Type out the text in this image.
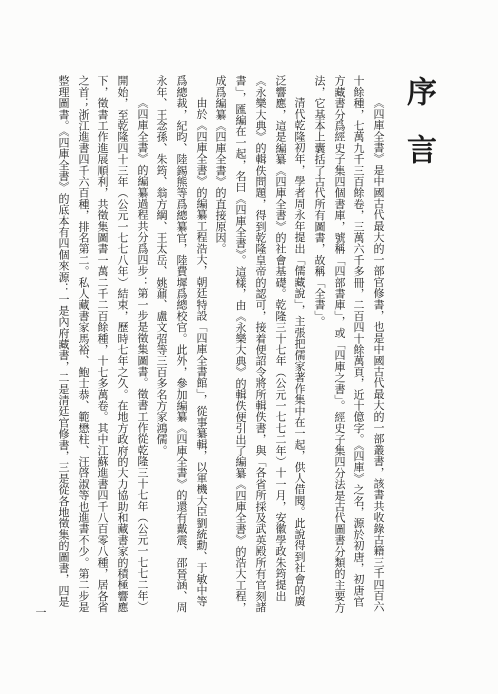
序言
《四庫全書》是中國古代最大的一部官修書，也是中國古代最大的一部叢書，該書共收錄古籍三千四百六
十餘種，七萬九千三百餘卷，三萬六千多冊，二百四十餘萬頁，近十億字。《四庫》之名，源於初唐，初唐官
方藏書分爲經史子集四個書庫，號稱「四部書庫」，或「四庫之書」。經史子集四分法是古代圖書分類的主要方
法，它基本上囊括了古代所有圖書，故稱「全書」。
清代乾隆初年，學者周永年提出「儒藏說」，主張把儒家著作集中在一起，供人借閱。此說得到社會的廣
泛響應，這是編纂《四庫全書》的社會基礎。乾隆三十七年（公元一七七二年）十一月，安徽學政朱筠提出
《永樂大典》的輯佚問題，得到乾隆皇帝的認可，接着便詔令將所輯佚書，與「各省所採及武英殿所有官刻諸
書」，匯編在一起，名曰《四庫全書》。這樣，由《永樂大典》的輯佚便引出了編纂《四庫全書》的浩大工程，
成爲編纂《四庫全書》的直接原因。
由於《四庫全書》的編纂工程浩大，朝廷特設「四庫全書館」，從事纂輯，以軍機大臣劉統勳、于敏中等
爲總裁，紀昀、陸錫熊等爲總纂官，陸費墀爲總校官。此外，參加編纂《四庫全書》的還有戴震、邵晉涵、周
永年、王念孫、朱筠、翁方綱、王太岳、姚鼐、盧文弨等三百多名方家鴻儒。
《四庫全書》的編纂過程共分爲四步：第一步是徵集圖書。徵書工作從乾隆三十七年（公元一七七二年）
開始，至乾隆四十三年（公元一七七八年）結束，歷時七年之久。在地方政府的大力協助和藏書家的積極響應
下，徵書工作進展順利，共徵集圖書一萬二千二百餘種，十七多萬卷。其中江蘇進書四千八百零八種，居各省
之首；浙江進書四千六百種，排名第二。私人藏書家馬裕、鮑士恭、範懋柱、汪啓淑等也進書不少。第二步是
整理圖書。《四庫全書》的底本有四個來源：一是內府藏書，二是清廷官修書，三是從各地徵集的圖書，四是
一
